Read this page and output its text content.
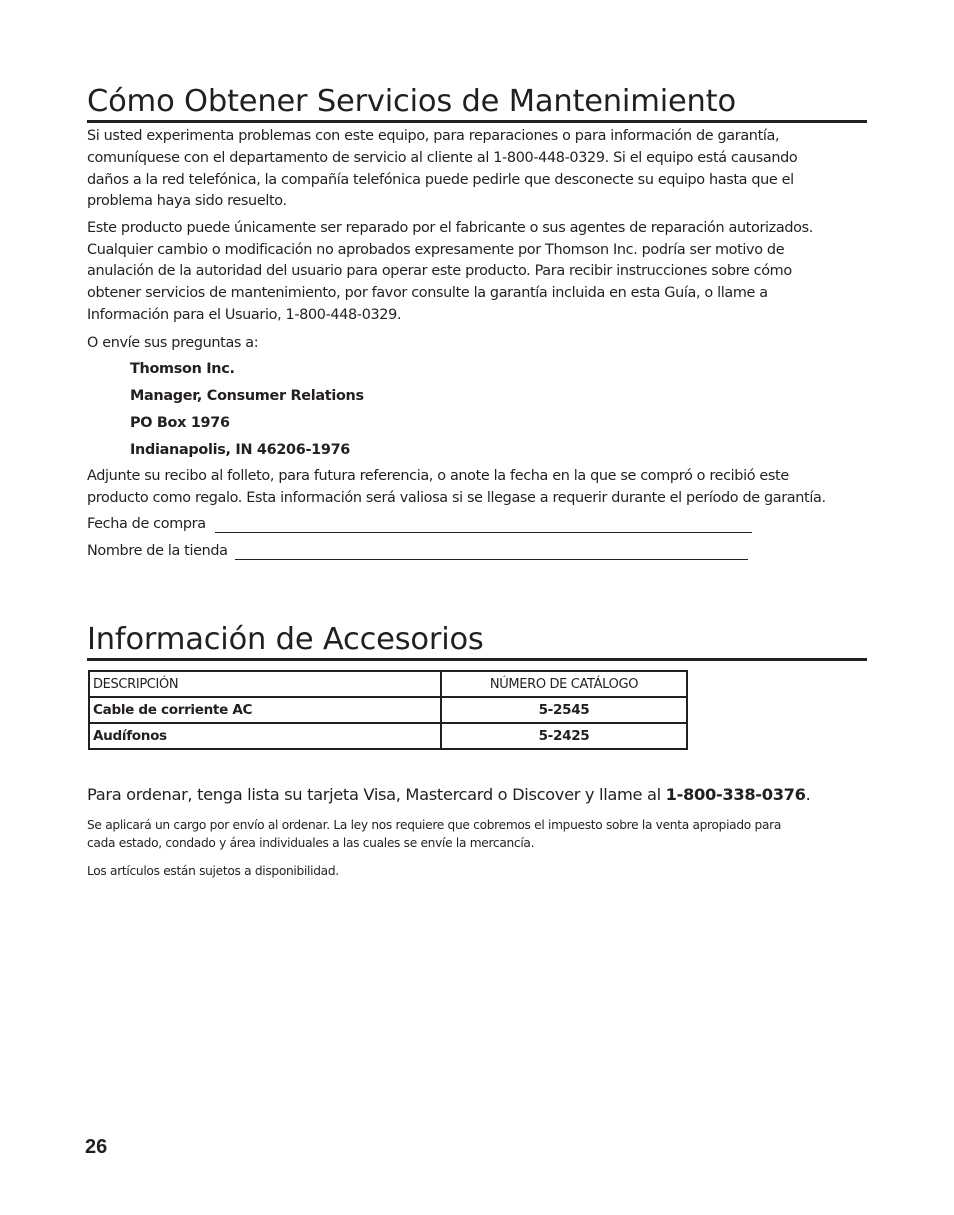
Cómo Obtener Servicios de Mantenimiento

Si usted experimenta problemas con este equipo, para reparaciones o para información de garantía,

comuníquese con el departamento de servicio al cliente al 1-800-448-0329. Si el equipo está causando

daños a la red telefónica, la compañía telefónica puede pedirle que desconecte su equipo hasta que el

problema haya sido resuelto.

Este producto puede únicamente ser reparado por el fabricante o sus agentes de reparación autorizados.

Cualquier cambio o modificación no aprobados expresamente por Thomson Inc. podría ser motivo de

anulación de la autoridad del usuario para operar este producto. Para recibir instrucciones sobre cómo

obtener servicios de mantenimiento, por favor consulte la garantía incluida en esta Guía, o llame a

Información para el Usuario, 1-800-448-0329.

O envíe sus preguntas a:

Thomson Inc.

Manager, Consumer Relations

PO Box 1976

Indianapolis, IN 46206-1976

Adjunte su recibo al folleto, para futura referencia, o anote la fecha en la que se compró o recibió este

producto como regalo. Esta información será valiosa si se llegase a requerir durante el período de garantía.

Fecha de compra

Nombre de la tienda

Información de Accesorios
DESCRIPCIÓN	NÚMERO DE CATÁLOGO
Cable de corriente AC	5-2545
Audífonos	5-2425

Para ordenar, tenga lista su tarjeta Visa, Mastercard o Discover y llame al 1-800-338-0376.

Se aplicará un cargo por envío al ordenar. La ley nos requiere que cobremos el impuesto sobre la venta apropiado para

cada estado, condado y área individuales a las cuales se envíe la mercancía.

Los artículos están sujetos a disponibilidad.

26
